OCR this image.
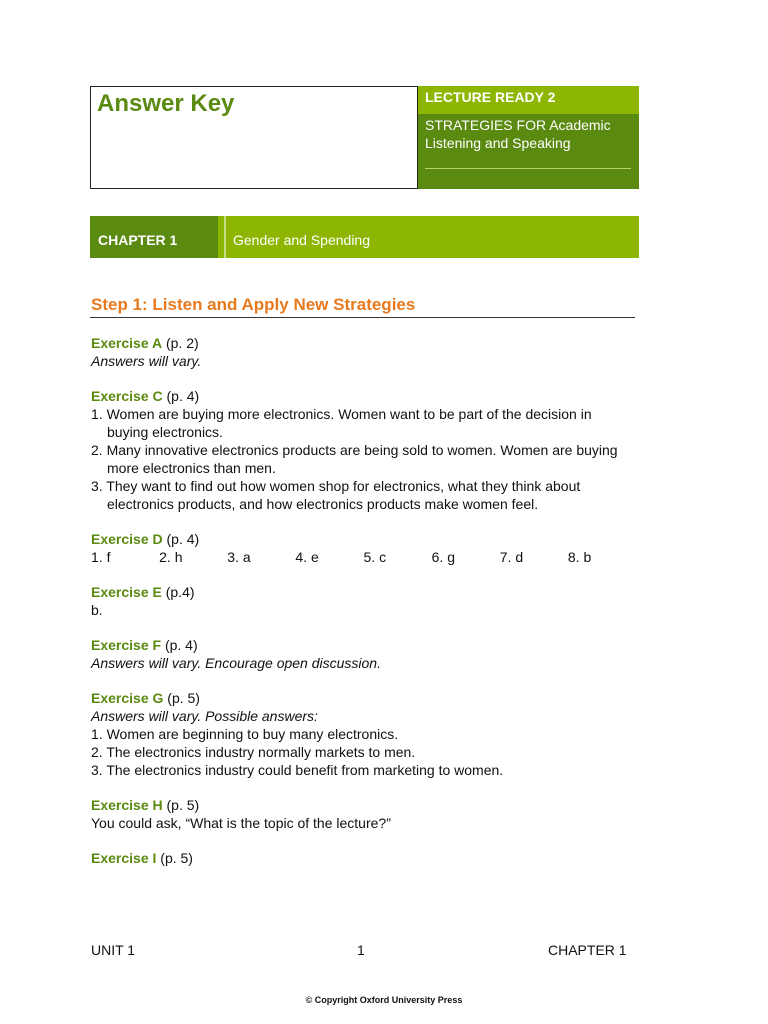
Answer Key	LECTURE READY 2
STRATEGIES FOR Academic Listening and Speaking
CHAPTER 1	Gender and Spending
Step 1: Listen and Apply New Strategies
Exercise A (p. 2)
Answers will vary.
Exercise C (p. 4)
1. Women are buying more electronics. Women want to be part of the decision in buying electronics.
2. Many innovative electronics products are being sold to women. Women are buying more electronics than men.
3. They want to find out how women shop for electronics, what they think about electronics products, and how electronics products make women feel.
Exercise D (p. 4)
1. f	2. h	3. a	4. e	5. c	6. g	7. d	8. b
Exercise E (p.4)
b.
Exercise F (p. 4)
Answers will vary. Encourage open discussion.
Exercise G (p. 5)
Answers will vary. Possible answers:
1. Women are beginning to buy many electronics.
2. The electronics industry normally markets to men.
3. The electronics industry could benefit from marketing to women.
Exercise H (p. 5)
You could ask, “What is the topic of the lecture?”
Exercise I (p. 5)
UNIT 1	1	CHAPTER 1
© Copyright Oxford University Press
